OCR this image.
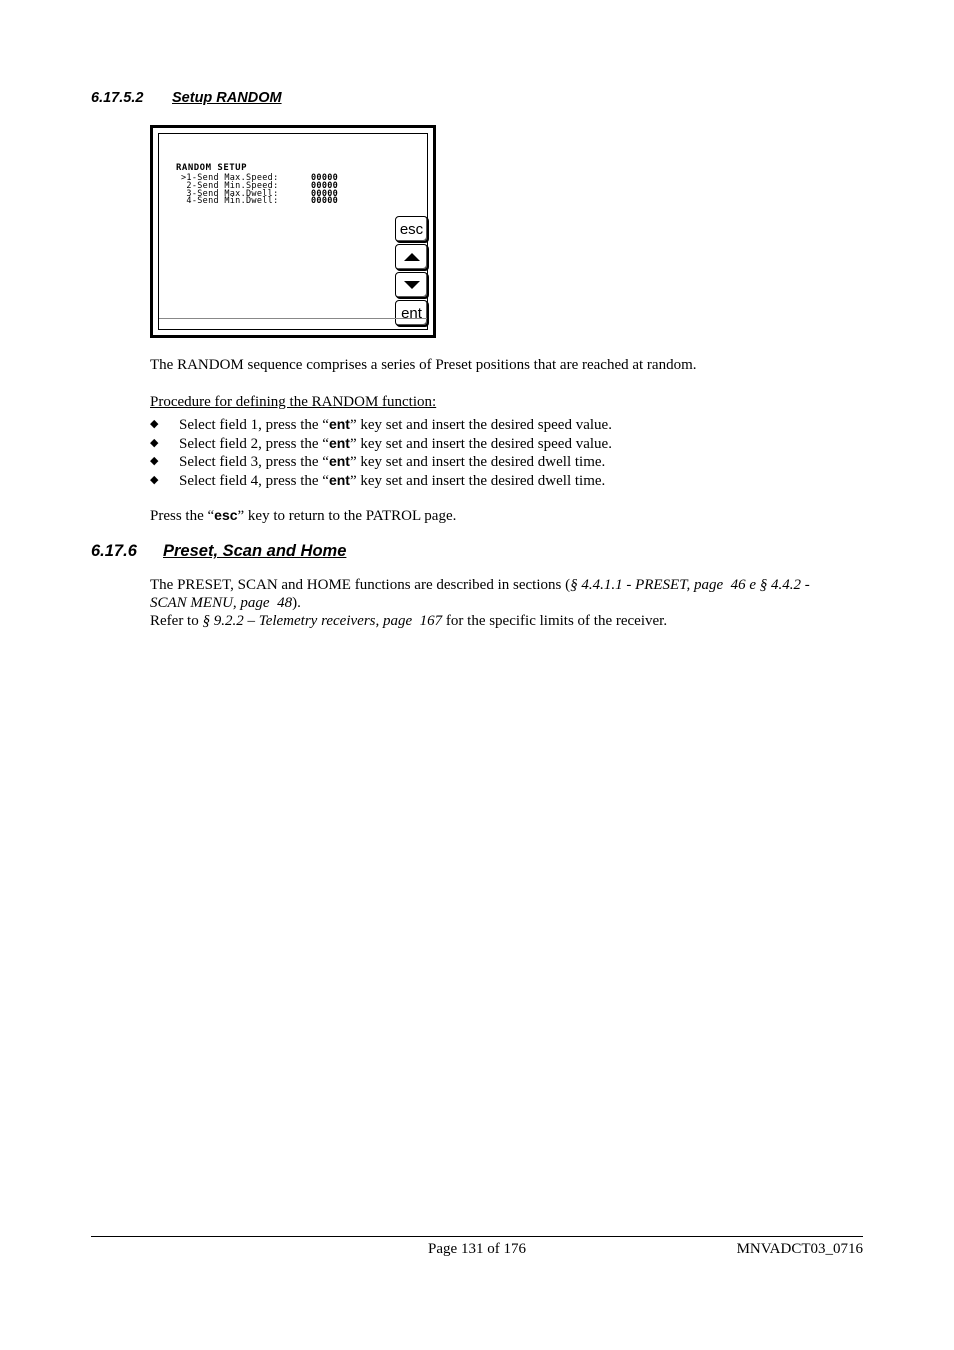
6.17.5.2 Setup RANDOM
RANDOM SETUP
>1-Send Max.Speed:	00000
2-Send Min.Speed:	00000
3-Send Max.Dwell:	00000
4-Send Min.Dwell:	00000
esc
ent
The RANDOM sequence comprises a series of Preset positions that are reached at random.
Procedure for defining the RANDOM function:
◆ Select field 1, press the “ent” key set and insert the desired speed value.
◆ Select field 2, press the “ent” key set and insert the desired speed value.
◆ Select field 3, press the “ent” key set and insert the desired dwell time.
◆ Select field 4, press the “ent” key set and insert the desired dwell time.
Press the “esc” key to return to the PATROL page.
6.17.6 Preset, Scan and Home
The PRESET, SCAN and HOME functions are described in sections (§ 4.4.1.1 - PRESET, page  46 e § 4.4.2 -
SCAN MENU, page  48).
Refer to § 9.2.2 – Telemetry receivers, page  167 for the specific limits of the receiver.
Page 131 of 176	MNVADCT03_0716
